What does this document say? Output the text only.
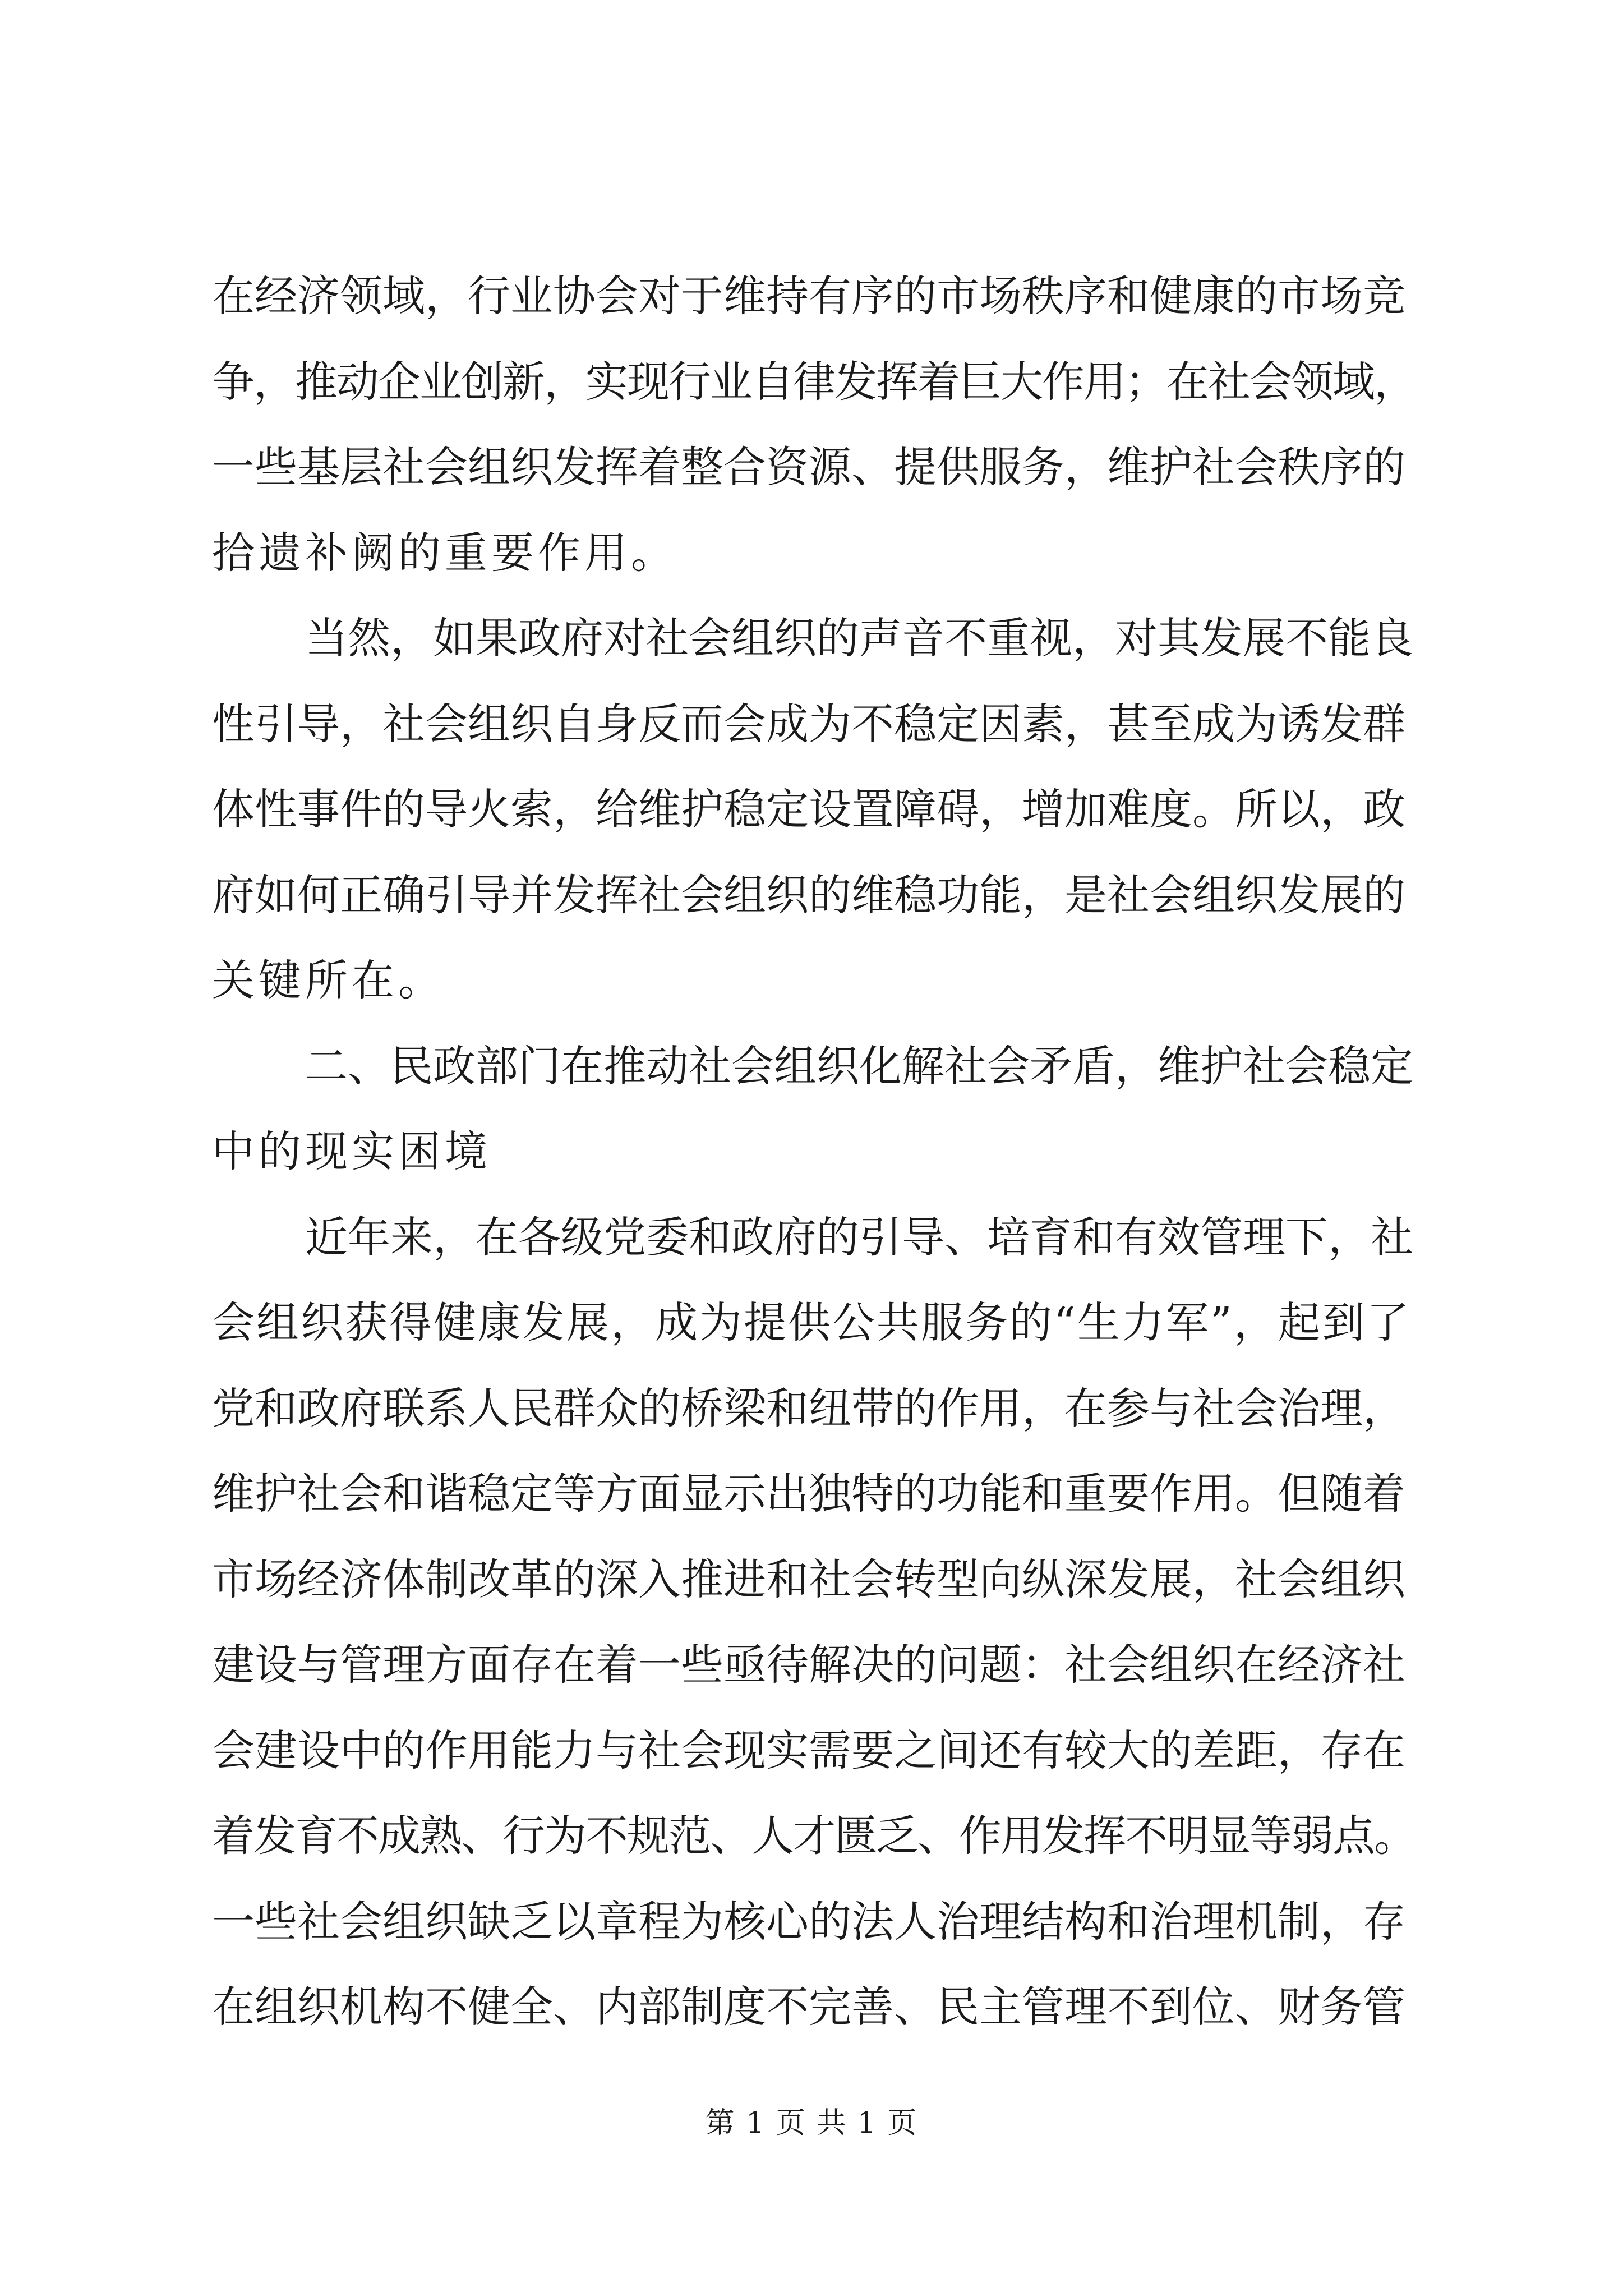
在经济领域，行业协会对于维持有序的市场秩序和健康的市场竞
争，推动企业创新，实现行业自律发挥着巨大作用；在社会领域，
一些基层社会组织发挥着整合资源、提供服务，维护社会秩序的
拾遗补阙的重要作用。
当然，如果政府对社会组织的声音不重视，对其发展不能良
性引导，社会组织自身反而会成为不稳定因素，甚至成为诱发群
体性事件的导火索，给维护稳定设置障碍，增加难度。所以，政
府如何正确引导并发挥社会组织的维稳功能，是社会组织发展的
关键所在。
二、民政部门在推动社会组织化解社会矛盾，维护社会稳定
中的现实困境
近年来，在各级党委和政府的引导、培育和有效管理下，社
会组织获得健康发展，成为提供公共服务的“生力军”，起到了
党和政府联系人民群众的桥梁和纽带的作用，在参与社会治理，
维护社会和谐稳定等方面显示出独特的功能和重要作用。但随着
市场经济体制改革的深入推进和社会转型向纵深发展，社会组织
建设与管理方面存在着一些亟待解决的问题：社会组织在经济社
会建设中的作用能力与社会现实需要之间还有较大的差距，存在
着发育不成熟、行为不规范、人才匮乏、作用发挥不明显等弱点。
一些社会组织缺乏以章程为核心的法人治理结构和治理机制，存
在组织机构不健全、内部制度不完善、民主管理不到位、财务管
第 1 页 共 1 页
